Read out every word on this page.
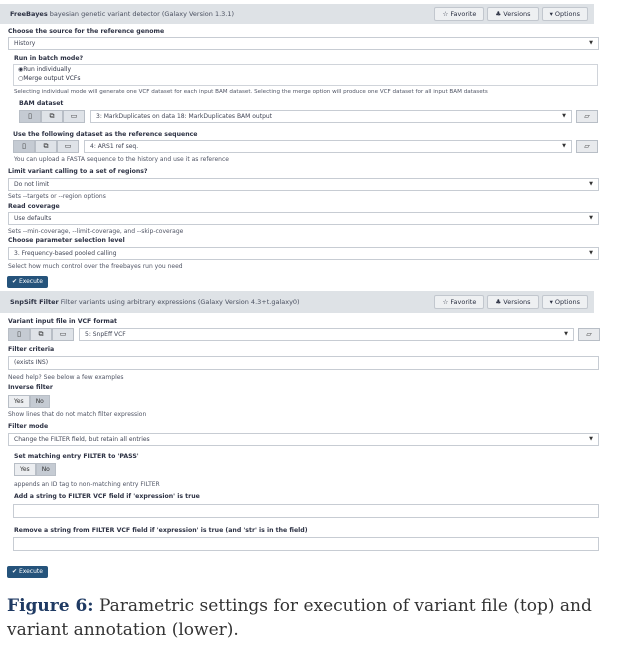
FreeBayes bayesian genetic variant detector (Galaxy Version 1.3.1)	☆ Favorite	♣ Versions	▾ Options
Choose the source for the reference genome
History	▼
Run in batch mode?
◉Run individually
○Merge output VCFs
Selecting individual mode will generate one VCF dataset for each input BAM dataset. Selecting the merge option will produce one VCF dataset for all input BAM datasets
BAM dataset
▯	⧉	▭	3: MarkDuplicates on data 18: MarkDuplicates BAM output	▼	▱
Use the following dataset as the reference sequence
▯	⧉	▭	4: ARS1 ref seq.	▼	▱
You can upload a FASTA sequence to the history and use it as reference
Limit variant calling to a set of regions?
Do not limit	▼
Sets --targets or --region options
Read coverage
Use defaults	▼
Sets --min-coverage, --limit-coverage, and --skip-coverage
Choose parameter selection level
3. Frequency-based pooled calling	▼
Select how much control over the freebayes run you need
✔ Execute
SnpSift Filter Filter variants using arbitrary expressions (Galaxy Version 4.3+t.galaxy0)	☆ Favorite	♣ Versions	▾ Options
Variant input file in VCF format
▯	⧉	▭	5: SnpEff VCF	▼	▱
Filter criteria
(exists INS)
Need help? See below a few examples
Inverse filter
Yes	No
Show lines that do not match filter expression
Filter mode
Change the FILTER field, but retain all entries	▼
Set matching entry FILTER to 'PASS'
Yes	No
appends an ID tag to non-matching entry FILTER
Add a string to FILTER VCF field if 'expression' is true
Remove a string from FILTER VCF field if 'expression' is true (and 'str' is in the field)
✔ Execute
Figure 6: Parametric settings for execution of variant file (top) and variant annotation (lower).
